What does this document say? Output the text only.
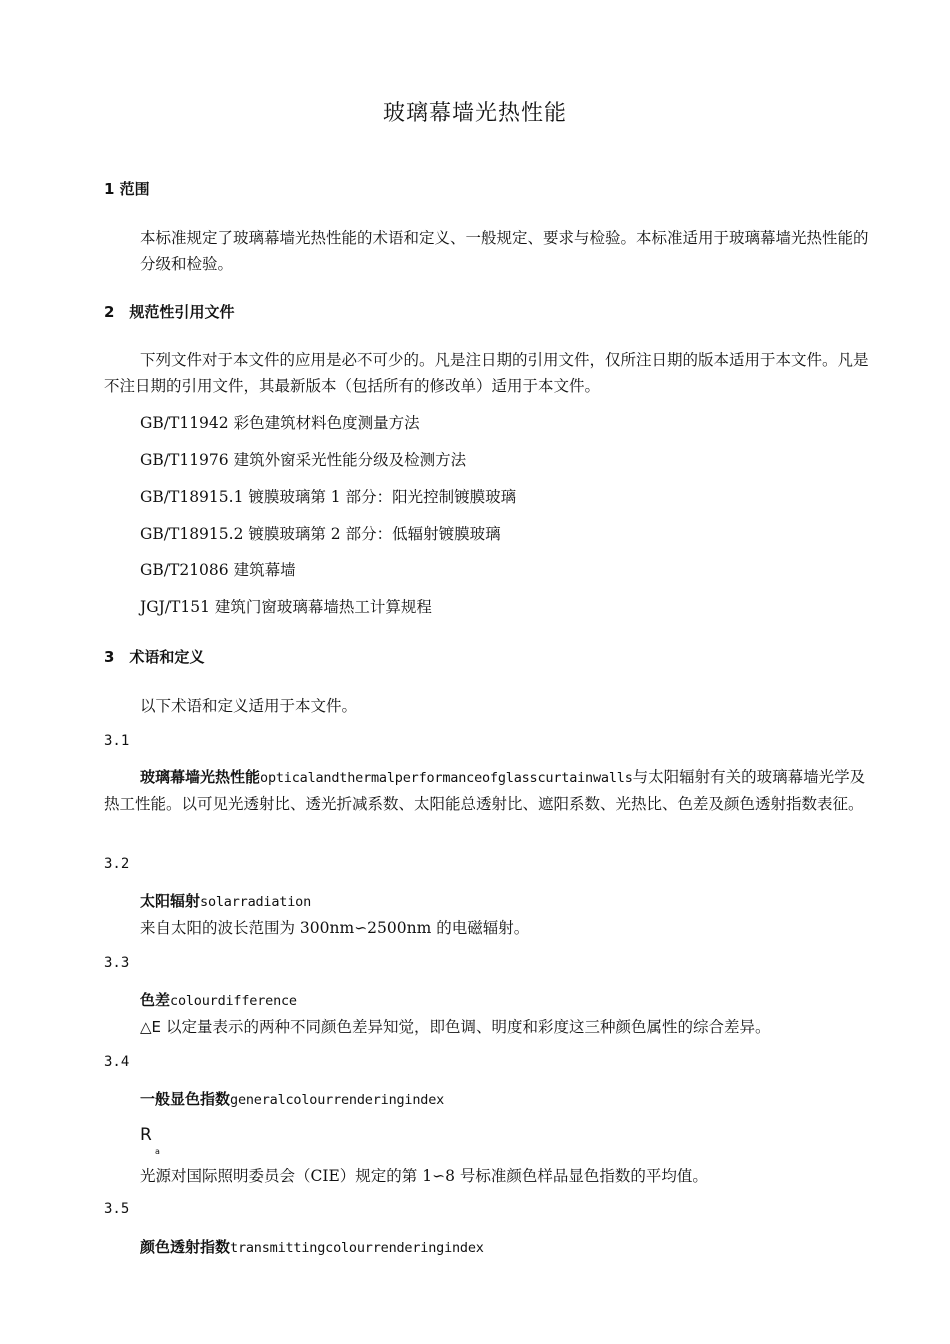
玻璃幕墙光热性能
1 范围
本标准规定了玻璃幕墙光热性能的术语和定义、一般规定、要求与检验。本标准适用于玻璃幕墙光热性能的分级和检验。
2　规范性引用文件
下列文件对于本文件的应用是必不可少的。凡是注日期的引用文件，仅所注日期的版本适用于本文件。凡是不注日期的引用文件，其最新版本（包括所有的修改单）适用于本文件。
GB/T11942 彩色建筑材料色度测量方法
GB/T11976 建筑外窗采光性能分级及检测方法
GB/T18915.1 镀膜玻璃第 1 部分：阳光控制镀膜玻璃
GB/T18915.2 镀膜玻璃第 2 部分：低辐射镀膜玻璃
GB/T21086 建筑幕墙
JGJ/T151 建筑门窗玻璃幕墙热工计算规程
3　术语和定义
以下术语和定义适用于本文件。
3.1
玻璃幕墙光热性能opticalandthermalperformanceofglasscurtainwalls与太阳辐射有关的玻璃幕墙光学及热工性能。以可见光透射比、透光折减系数、太阳能总透射比、遮阳系数、光热比、色差及颜色透射指数表征。
3.2
太阳辐射solarradiation
来自太阳的波长范围为 300nm∽2500nm 的电磁辐射。
3.3
色差colourdifference
△E 以定量表示的两种不同颜色差异知觉，即色调、明度和彩度这三种颜色属性的综合差异。
3.4
一般显色指数generalcolourrenderingindex
R
a
光源对国际照明委员会（CIE）规定的第 1∽8 号标准颜色样品显色指数的平均值。
3.5
颜色透射指数transmittingcolourrenderingindex
